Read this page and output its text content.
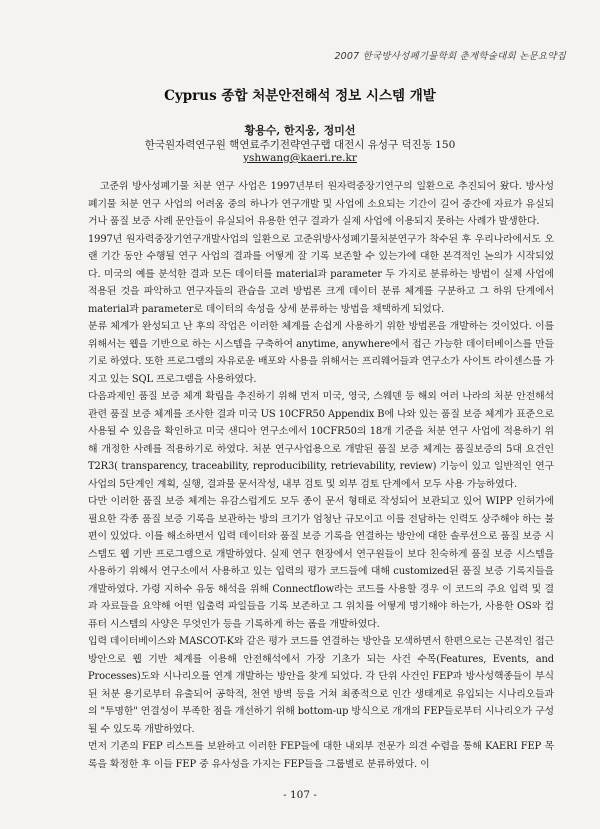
2007 한국방사성폐기물학회 춘계학술대회 논문요약집
Cyprus 종합 처분안전해석 정보 시스템 개발
황용수, 한지웅, 정미선
한국원자력연구원 핵연료주기전략연구랩 대전시 유성구 덕진동 150
yshwang@kaeri.re.kr

고준위 방사성폐기물 처분 연구 사업은 1997년부터 원자력중장기연구의 일환으로 추진되어 왔다. 방사성폐기물 처분 연구 사업의 어려움 중의 하나가 연구개발 및 사업에 소요되는 기간이 길어 중간에 자료가 유실되거나 품질 보증 사례 문안들이 유실되어 유용한 연구 결과가 실제 사업에 이용되지 못하는 사례가 발생한다.

1997년 원자력중장기연구개발사업의 일환으로 고준위방사성폐기물처분연구가 착수된 후 우리나라에서도 오랜 기간 동안 수행될 연구 사업의 결과를 어떻게 잘 기록 보존할 수 있는가에 대한 본격적인 논의가 시작되었다. 미국의 예를 분석한 결과 모든 데이터를 material과 parameter 두 가지로 분류하는 방법이 실제 사업에 적용된 것을 파악하고 연구자들의 관습을 고려 방법론 크게 데이터 분류 체계를 구분하고 그 하위 단계에서 material과 parameter로 데이터의 속성을 상세 분류하는 방법을 채택하게 되었다.

분류 체계가 완성되고 난 후의 작업은 이러한 체계를 손쉽게 사용하기 위한 방법론을 개발하는 것이었다. 이를 위해서는 웹을 기반으로 하는 시스템을 구축하여 anytime, anywhere에서 접근 가능한 데이터베이스를 만들기로 하였다. 또한 프로그램의 자유로운 배포와 사용을 위해서는 프리웨어들과 연구소가 사이트 라이센스를 가지고 있는 SQL 프로그램을 사용하였다.

다음과제인 품질 보증 체계 확립을 추진하기 위해 먼저 미국, 영국, 스웨덴 등 해외 여러 나라의 처분 안전해석 관련 품질 보증 체계를 조사한 결과 미국 US 10CFR50 Appendix B에 나와 있는 품질 보증 체계가 표준으로 사용될 수 있음을 확인하고 미국 샌디아 연구소에서 10CFR50의 18개 기준을 처분 연구 사업에 적용하기 위해 개정한 사례를 적용하기로 하였다. 처분 연구사업용으로 개발된 품질 보증 체계는 품질보증의 5대 요건인 T2R3( transparency, traceability, reproducibility, retrievability, review) 기능이 있고 일반적인 연구사업의 5단계인 계획, 실행, 결과물 문서작성, 내부 검토 및 외부 검토 단계에서 모두 사용 가능하였다.

다만 이러한 품질 보증 체계는 유감스럽게도 모두 종이 문서 형태로 작성되어 보관되고 있어 WIPP 인허가에 필요한 각종 품질 보증 기록을 보관하는 방의 크기가 엄청난 규모이고 이를 전담하는 인력도 상주해야 하는 불편이 있었다. 이를 해소하면서 입력 데이터와 품질 보증 기록을 연결하는 방안에 대한 솔루션으로 품질 보증 시스템도 웹 기반 프로그램으로 개발하였다. 실제 연구 현장에서 연구원들이 보다 친숙하게 품질 보증 시스템을 사용하기 위해서 연구소에서 사용하고 있는 입력의 평가 코드들에 대해 customized된 품질 보증 기록지들을 개발하였다. 가령 지하수 유동 해석을 위해 Connectflow라는 코드를 사용할 경우 이 코드의 주요 입력 및 결과 자료들을 요약해 어떤 입출력 파일들을 기록 보존하고 그 위치를 어떻게 명기해야 하는가, 사용한 OS와 컴퓨터 시스템의 사양은 무엇인가 등을 기록하게 하는 폼을 개발하였다.

입력 데이터베이스와 MASCOT-K와 같은 평가 코드를 연결하는 방안을 모색하면서 한편으로는 근본적인 접근 방안으로 웹 기반 체계를 이용해 안전해석에서 가장 기초가 되는 사건 수목(Features, Events, and Processes)도와 시나리오를 연계 개발하는 방안을 찾게 되었다. 각 단위 사건인 FEP과 방사성핵종들이 부식된 처분 용기로부터 유출되어 공학적, 천연 방벽 등을 거쳐 최종적으로 인간 생태계로 유입되는 시나리오들과의 "투명한" 연결성이 부족한 점을 개선하기 위해 bottom-up 방식으로 개개의 FEP들로부터 시나리오가 구성될 수 있도록 개발하였다.

먼저 기존의 FEP 리스트를 보완하고 이러한 FEP들에 대한 내외부 전문가 의견 수렴을 통해 KAERI FEP 목록을 확정한 후 이들 FEP 중 유사성을 가지는 FEP들을 그룹별로 분류하였다. 이

- 107 -
